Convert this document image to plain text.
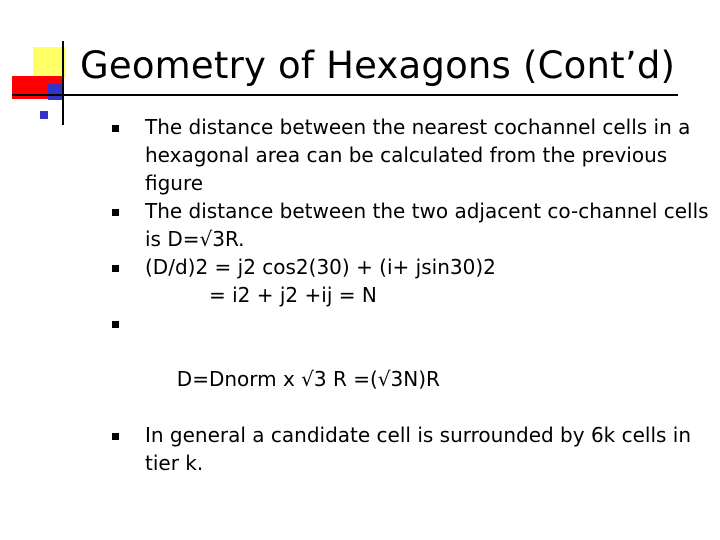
Geometry of Hexagons (Cont’d)
The distance between the nearest cochannel cells in a hexagonal area can be calculated from the previous figure
The distance between the two adjacent co-channel cells is D=√3R.
(D/d)2 = j2 cos2(30) + (i+ jsin30)2
= i2 + j2 +ij = N

D=Dnorm x √3 R =(√3N)R

In general a candidate cell is surrounded by 6k cells in tier k.
